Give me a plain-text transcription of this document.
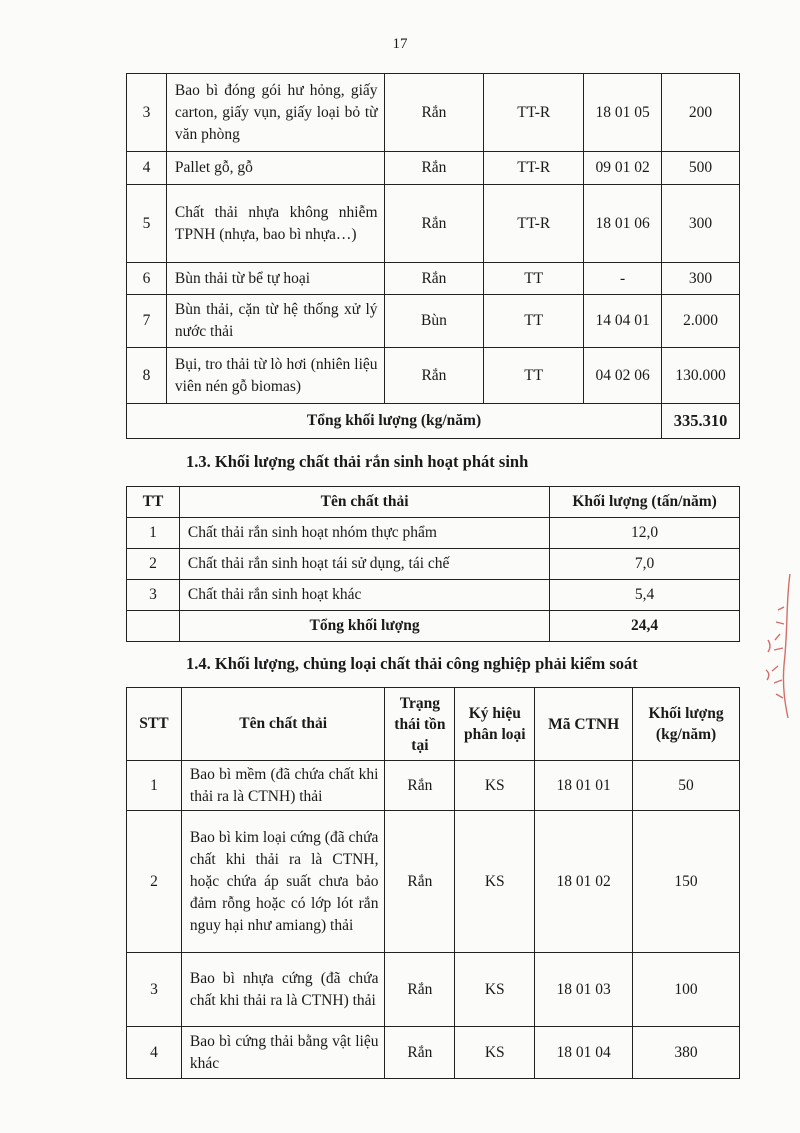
17
3	Bao bì đóng gói hư hỏng, giấy carton, giấy vụn, giấy loại bỏ từ văn phòng	Rắn	TT-R	18 01 05	200
4	Pallet gỗ, gỗ	Rắn	TT-R	09 01 02	500
5	Chất thải nhựa không nhiễm TPNH (nhựa, bao bì nhựa…)	Rắn	TT-R	18 01 06	300
6	Bùn thải từ bể tự hoại	Rắn	TT	-	300
7	Bùn thải, cặn từ hệ thống xử lý nước thải	Bùn	TT	14 04 01	2.000
8	Bụi, tro thải từ lò hơi (nhiên liệu viên nén gỗ biomas)	Rắn	TT	04 02 06	130.000
Tổng khối lượng (kg/năm)					335.310
1.3. Khối lượng chất thải rắn sinh hoạt phát sinh
TT	Tên chất thải	Khối lượng (tấn/năm)
1	Chất thải rắn sinh hoạt nhóm thực phẩm	12,0
2	Chất thải rắn sinh hoạt tái sử dụng, tái chế	7,0
3	Chất thải rắn sinh hoạt khác	5,4
	Tổng khối lượng	24,4
1.4. Khối lượng, chủng loại chất thải công nghiệp phải kiểm soát
STT	Tên chất thải	Trạng thái tồn tại	Ký hiệu phân loại	Mã CTNH	Khối lượng (kg/năm)
1	Bao bì mềm (đã chứa chất khi thải ra là CTNH) thải	Rắn	KS	18 01 01	50
2	Bao bì kim loại cứng (đã chứa chất khi thải ra là CTNH, hoặc chứa áp suất chưa bảo đảm rỗng hoặc có lớp lót rắn nguy hại như amiang) thải	Rắn	KS	18 01 02	150
3	Bao bì nhựa cứng (đã chứa chất khi thải ra là CTNH) thải	Rắn	KS	18 01 03	100
4	Bao bì cứng thải bằng vật liệu khác	Rắn	KS	18 01 04	380
